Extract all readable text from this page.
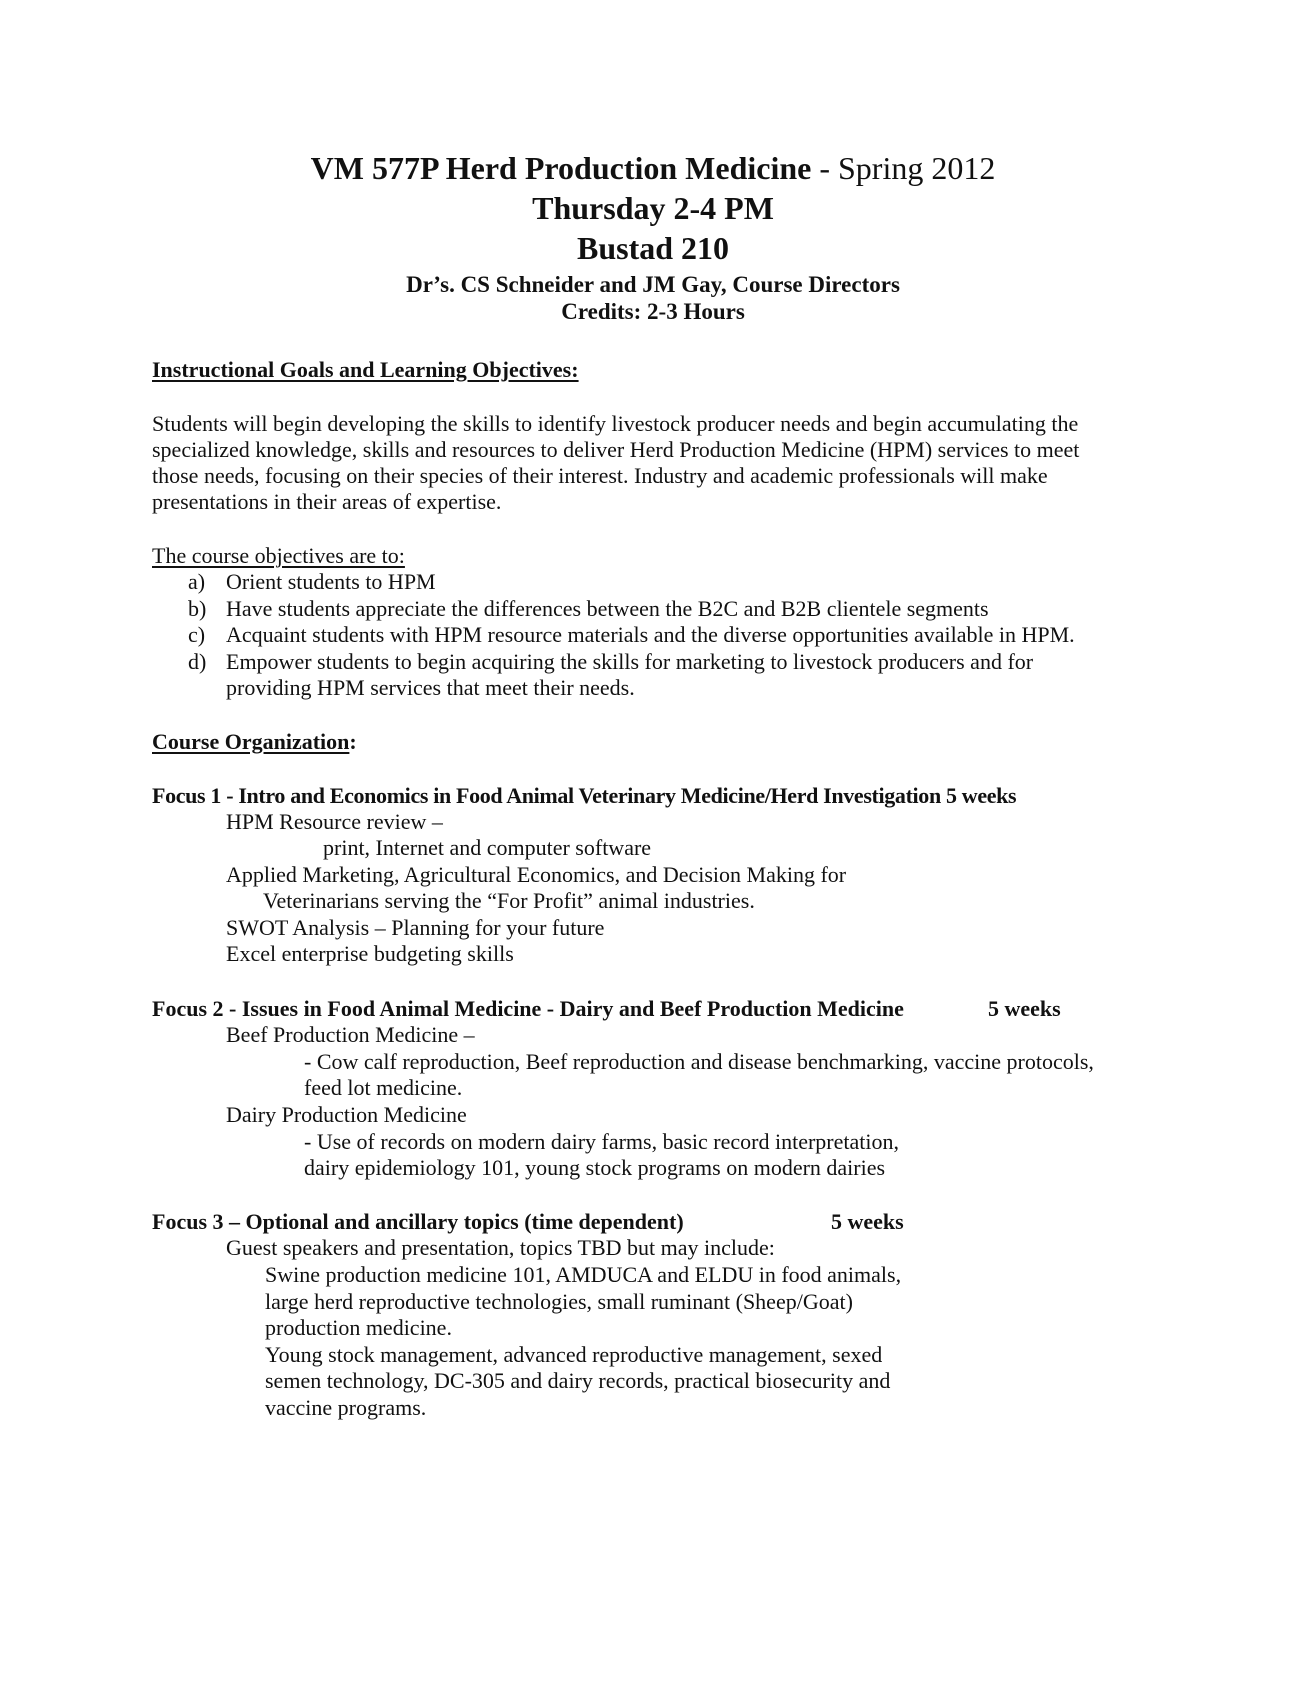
VM 577P Herd Production Medicine - Spring 2012
Thursday 2-4 PM
Bustad 210
Dr’s. CS Schneider and JM Gay, Course Directors
Credits: 2-3 Hours
Instructional Goals and Learning Objectives:
Students will begin developing the skills to identify livestock producer needs and begin accumulating the
specialized knowledge, skills and resources to deliver Herd Production Medicine (HPM) services to meet
those needs, focusing on their species of their interest. Industry and academic professionals will make
presentations in their areas of expertise.
The course objectives are to:
a) Orient students to HPM
b) Have students appreciate the differences between the B2C and B2B clientele segments
c) Acquaint students with HPM resource materials and the diverse opportunities available in HPM.
d) Empower students to begin acquiring the skills for marketing to livestock producers and for
providing HPM services that meet their needs.
Course Organization:
Focus 1 - Intro and Economics in Food Animal Veterinary Medicine/Herd Investigation 5 weeks
HPM Resource review –
print, Internet and computer software
Applied Marketing, Agricultural Economics, and Decision Making for
Veterinarians serving the “For Profit” animal industries.
SWOT Analysis – Planning for your future
Excel enterprise budgeting skills
Focus 2 - Issues in Food Animal Medicine - Dairy and Beef Production Medicine	5 weeks
Beef Production Medicine –
- Cow calf reproduction, Beef reproduction and disease benchmarking, vaccine protocols,
feed lot medicine.
Dairy Production Medicine
- Use of records on modern dairy farms, basic record interpretation,
dairy epidemiology 101, young stock programs on modern dairies
Focus 3 – Optional and ancillary topics (time dependent)	5 weeks
Guest speakers and presentation, topics TBD but may include:
Swine production medicine 101, AMDUCA and ELDU in food animals,
large herd reproductive technologies, small ruminant (Sheep/Goat)
production medicine.
Young stock management, advanced reproductive management, sexed
semen technology, DC-305 and dairy records, practical biosecurity and
vaccine programs.
